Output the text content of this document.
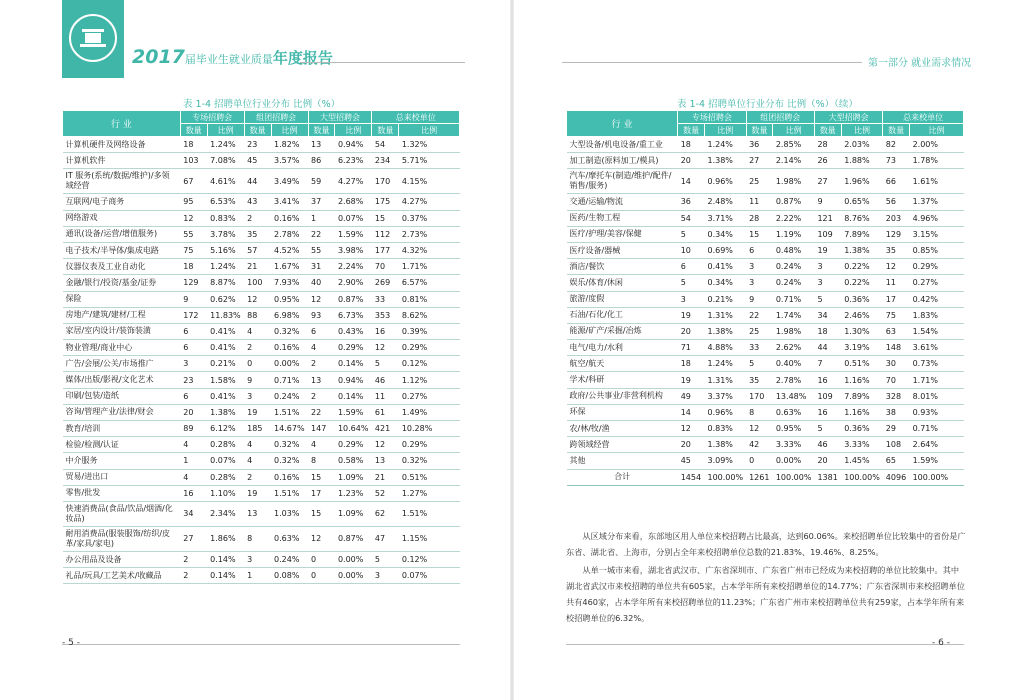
2017届毕业生就业质量年度报告
表 1-4 招聘单位行业分布 比例（%）
行 业	专场招聘会		组团招聘会		大型招聘会		总来校单位	
	数量	比例	数量	比例	数量	比例	数量	比例
计算机硬件及网络设备	18	1.24%	23	1.82%	13	0.94%	54	1.32%
计算机软件	103	7.08%	45	3.57%	86	6.23%	234	5.71%
IT 服务(系统/数据/维护)/多领域经营	67	4.61%	44	3.49%	59	4.27%	170	4.15%
互联网/电子商务	95	6.53%	43	3.41%	37	2.68%	175	4.27%
网络游戏	12	0.83%	2	0.16%	1	0.07%	15	0.37%
通讯(设备/运营/增值服务)	55	3.78%	35	2.78%	22	1.59%	112	2.73%
电子技术/半导体/集成电路	75	5.16%	57	4.52%	55	3.98%	177	4.32%
仪器仪表及工业自动化	18	1.24%	21	1.67%	31	2.24%	70	1.71%
金融/银行/投资/基金/证券	129	8.87%	100	7.93%	40	2.90%	269	6.57%
保险	9	0.62%	12	0.95%	12	0.87%	33	0.81%
房地产/建筑/建材/工程	172	11.83%	88	6.98%	93	6.73%	353	8.62%
家居/室内设计/装饰装潢	6	0.41%	4	0.32%	6	0.43%	16	0.39%
物业管理/商业中心	6	0.41%	2	0.16%	4	0.29%	12	0.29%
广告/会展/公关/市场推广	3	0.21%	0	0.00%	2	0.14%	5	0.12%
媒体/出版/影视/文化艺术	23	1.58%	9	0.71%	13	0.94%	46	1.12%
印刷/包装/造纸	6	0.41%	3	0.24%	2	0.14%	11	0.27%
咨询/管理产业/法律/财会	20	1.38%	19	1.51%	22	1.59%	61	1.49%
教育/培训	89	6.12%	185	14.67%	147	10.64%	421	10.28%
检验/检测/认证	4	0.28%	4	0.32%	4	0.29%	12	0.29%
中介服务	1	0.07%	4	0.32%	8	0.58%	13	0.32%
贸易/进出口	4	0.28%	2	0.16%	15	1.09%	21	0.51%
零售/批发	16	1.10%	19	1.51%	17	1.23%	52	1.27%
快速消费品(食品/饮品/烟酒/化妆品)	34	2.34%	13	1.03%	15	1.09%	62	1.51%
耐用消费品(服装服饰/纺织/皮革/家具/家电)	27	1.86%	8	0.63%	12	0.87%	47	1.15%
办公用品及设备	2	0.14%	3	0.24%	0	0.00%	5	0.12%
礼品/玩具/工艺美术/收藏品	2	0.14%	1	0.08%	0	0.00%	3	0.07%
- 5 -
第一部分 就业需求情况
表 1-4 招聘单位行业分布 比例（%）（续）
行 业	专场招聘会		组团招聘会		大型招聘会		总来校单位	
	数量	比例	数量	比例	数量	比例	数量	比例
大型设备/机电设备/重工业	18	1.24%	36	2.85%	28	2.03%	82	2.00%
加工制造(原料加工/模具)	20	1.38%	27	2.14%	26	1.88%	73	1.78%
汽车/摩托车(制造/维护/配件/销售/服务)	14	0.96%	25	1.98%	27	1.96%	66	1.61%
交通/运输/物流	36	2.48%	11	0.87%	9	0.65%	56	1.37%
医药/生物工程	54	3.71%	28	2.22%	121	8.76%	203	4.96%
医疗/护理/美容/保健	5	0.34%	15	1.19%	109	7.89%	129	3.15%
医疗设备/器械	10	0.69%	6	0.48%	19	1.38%	35	0.85%
酒店/餐饮	6	0.41%	3	0.24%	3	0.22%	12	0.29%
娱乐/体育/休闲	5	0.34%	3	0.24%	3	0.22%	11	0.27%
旅游/度假	3	0.21%	9	0.71%	5	0.36%	17	0.42%
石油/石化/化工	19	1.31%	22	1.74%	34	2.46%	75	1.83%
能源/矿产/采掘/冶炼	20	1.38%	25	1.98%	18	1.30%	63	1.54%
电气/电力/水利	71	4.88%	33	2.62%	44	3.19%	148	3.61%
航空/航天	18	1.24%	5	0.40%	7	0.51%	30	0.73%
学术/科研	19	1.31%	35	2.78%	16	1.16%	70	1.71%
政府/公共事业/非营利机构	49	3.37%	170	13.48%	109	7.89%	328	8.01%
环保	14	0.96%	8	0.63%	16	1.16%	38	0.93%
农/林/牧/渔	12	0.83%	12	0.95%	5	0.36%	29	0.71%
跨领域经营	20	1.38%	42	3.33%	46	3.33%	108	2.64%
其他	45	3.09%	0	0.00%	20	1.45%	65	1.59%
合计	1454	100.00%	1261	100.00%	1381	100.00%	4096	100.00%
从区域分布来看，东部地区用人单位来校招聘占比最高，达到60.06%。来校招聘单位比较集中的省份是广东省、湖北省、上海市，分别占全年来校招聘单位总数的21.83%、19.46%、8.25%。
从单一城市来看，湖北省武汉市、广东省深圳市、广东省广州市已经成为来校招聘的单位比较集中。其中湖北省武汉市来校招聘的单位共有605家，占本学年所有来校招聘单位的14.77%；广东省深圳市来校招聘单位共有460家，占本学年所有来校招聘单位的11.23%；广东省广州市来校招聘单位共有259家，占本学年所有来校招聘单位的6.32%。
- 6 -
